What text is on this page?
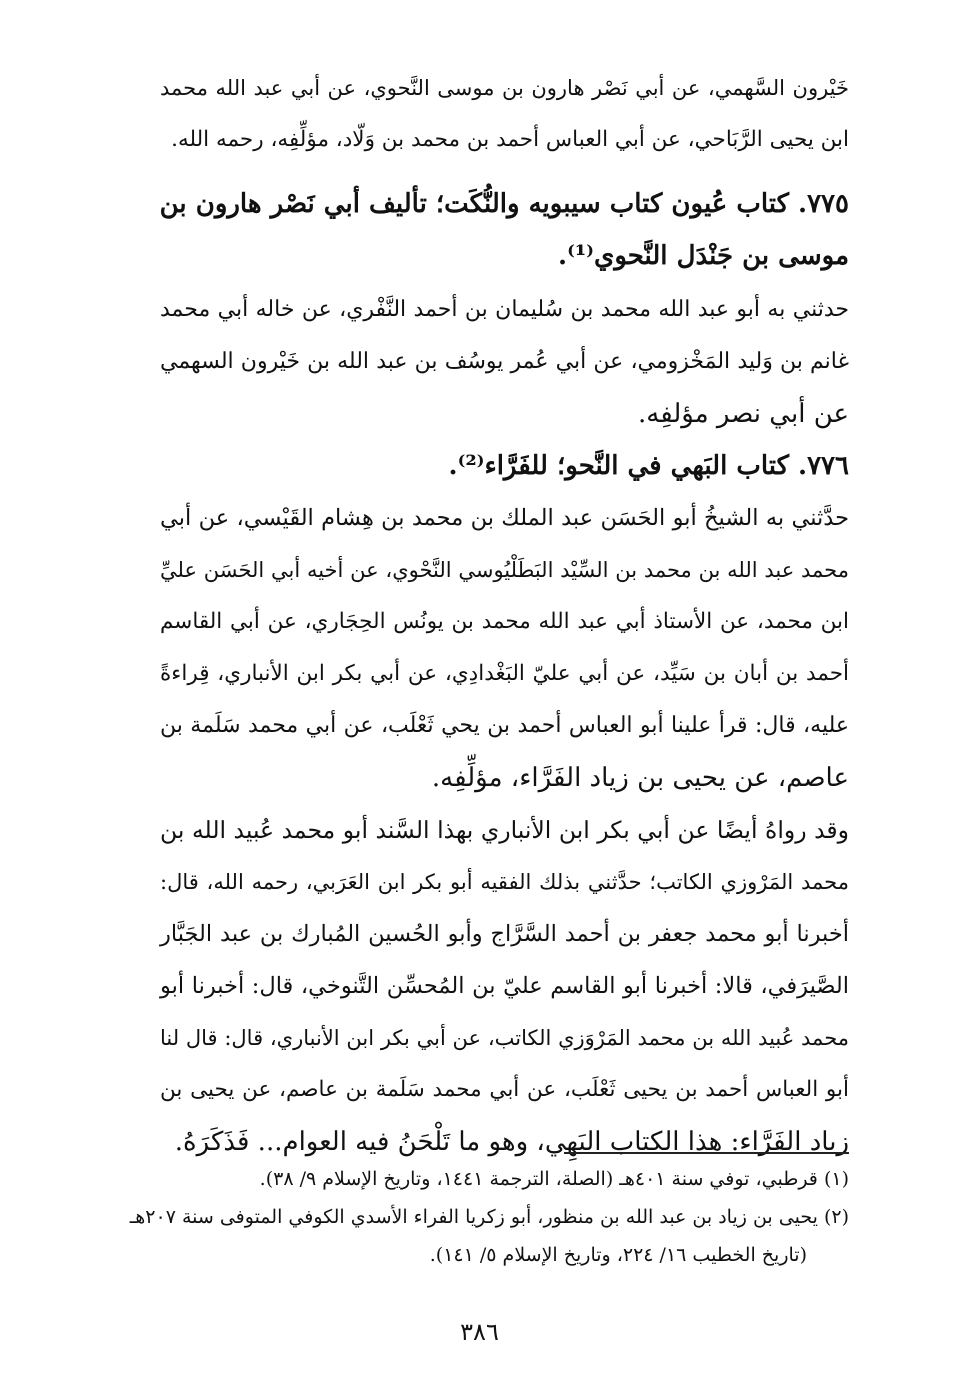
خَيْرون السَّهمي، عن أبي نَصْر هارون بن موسى النَّحوي، عن أبي عبد الله محمد
ابن يحيى الرَّبَاحي، عن أبي العباس أحمد بن محمد بن وَلّاد، مؤلِّفِه، رحمه الله.
٧٧٥. كتاب عُيون كتاب سيبويه والنُّكَت؛ تأليف أبي نَصْر هارون بن
موسى بن جَنْدَل النَّحوي⁽¹⁾.
حدثني به أبو عبد الله محمد بن سُليمان بن أحمد النَّفْري، عن خاله أبي محمد
غانم بن وَليد المَخْزومي، عن أبي عُمر يوسُف بن عبد الله بن خَيْرون السهمي
عن أبي نصر مؤلفِه.
٧٧٦. كتاب البَهي في النَّحو؛ للفَرَّاء⁽²⁾.
حدَّثني به الشيخُ أبو الحَسَن عبد الملك بن محمد بن هِشام القَيْسي، عن أبي
محمد عبد الله بن محمد بن السِّيْد البَطَلْيُوسي النَّحْوي، عن أخيه أبي الحَسَن عليِّ
ابن محمد، عن الأستاذ أبي عبد الله محمد بن يونُس الحِجَاري، عن أبي القاسم
أحمد بن أبان بن سَيِّد، عن أبي عليّ البَغْدادِي، عن أبي بكر ابن الأنباري، قِراءةً
عليه، قال: قرأ علينا أبو العباس أحمد بن يحي ثَعْلَب، عن أبي محمد سَلَمة بن
عاصم، عن يحيى بن زياد الفَرَّاء، مؤلِّفِه.
وقد رواهُ أيضًا عن أبي بكر ابن الأنباري بهذا السَّند أبو محمد عُبيد الله بن
محمد المَرْوزي الكاتب؛ حدَّثني بذلك الفقيه أبو بكر ابن العَرَبي، رحمه الله، قال:
أخبرنا أبو محمد جعفر بن أحمد السَّرَّاج وأبو الحُسين المُبارك بن عبد الجَبَّار
الصَّيرَفي، قالا: أخبرنا أبو القاسم عليّ بن المُحسِّن التَّنوخي، قال: أخبرنا أبو
محمد عُبيد الله بن محمد المَرْوَزي الكاتب، عن أبي بكر ابن الأنباري، قال: قال لنا
أبو العباس أحمد بن يحيى ثَعْلَب، عن أبي محمد سَلَمة بن عاصم، عن يحيى بن
زياد الفَرَّاء: هذا الكتاب البَهِي، وهو ما تَلْحَنُ فيه العوام... فَذَكَرَهُ.
(١) قرطبي، توفي سنة ٤٠١هـ (الصلة، الترجمة ١٤٤١، وتاريخ الإسلام ٩/ ٣٨).
(٢) يحيى بن زياد بن عبد الله بن منظور، أبو زكريا الفراء الأسدي الكوفي المتوفى سنة ٢٠٧هـ
(تاريخ الخطيب ١٦/ ٢٢٤، وتاريخ الإسلام ٥/ ١٤١).
٣٨٦
